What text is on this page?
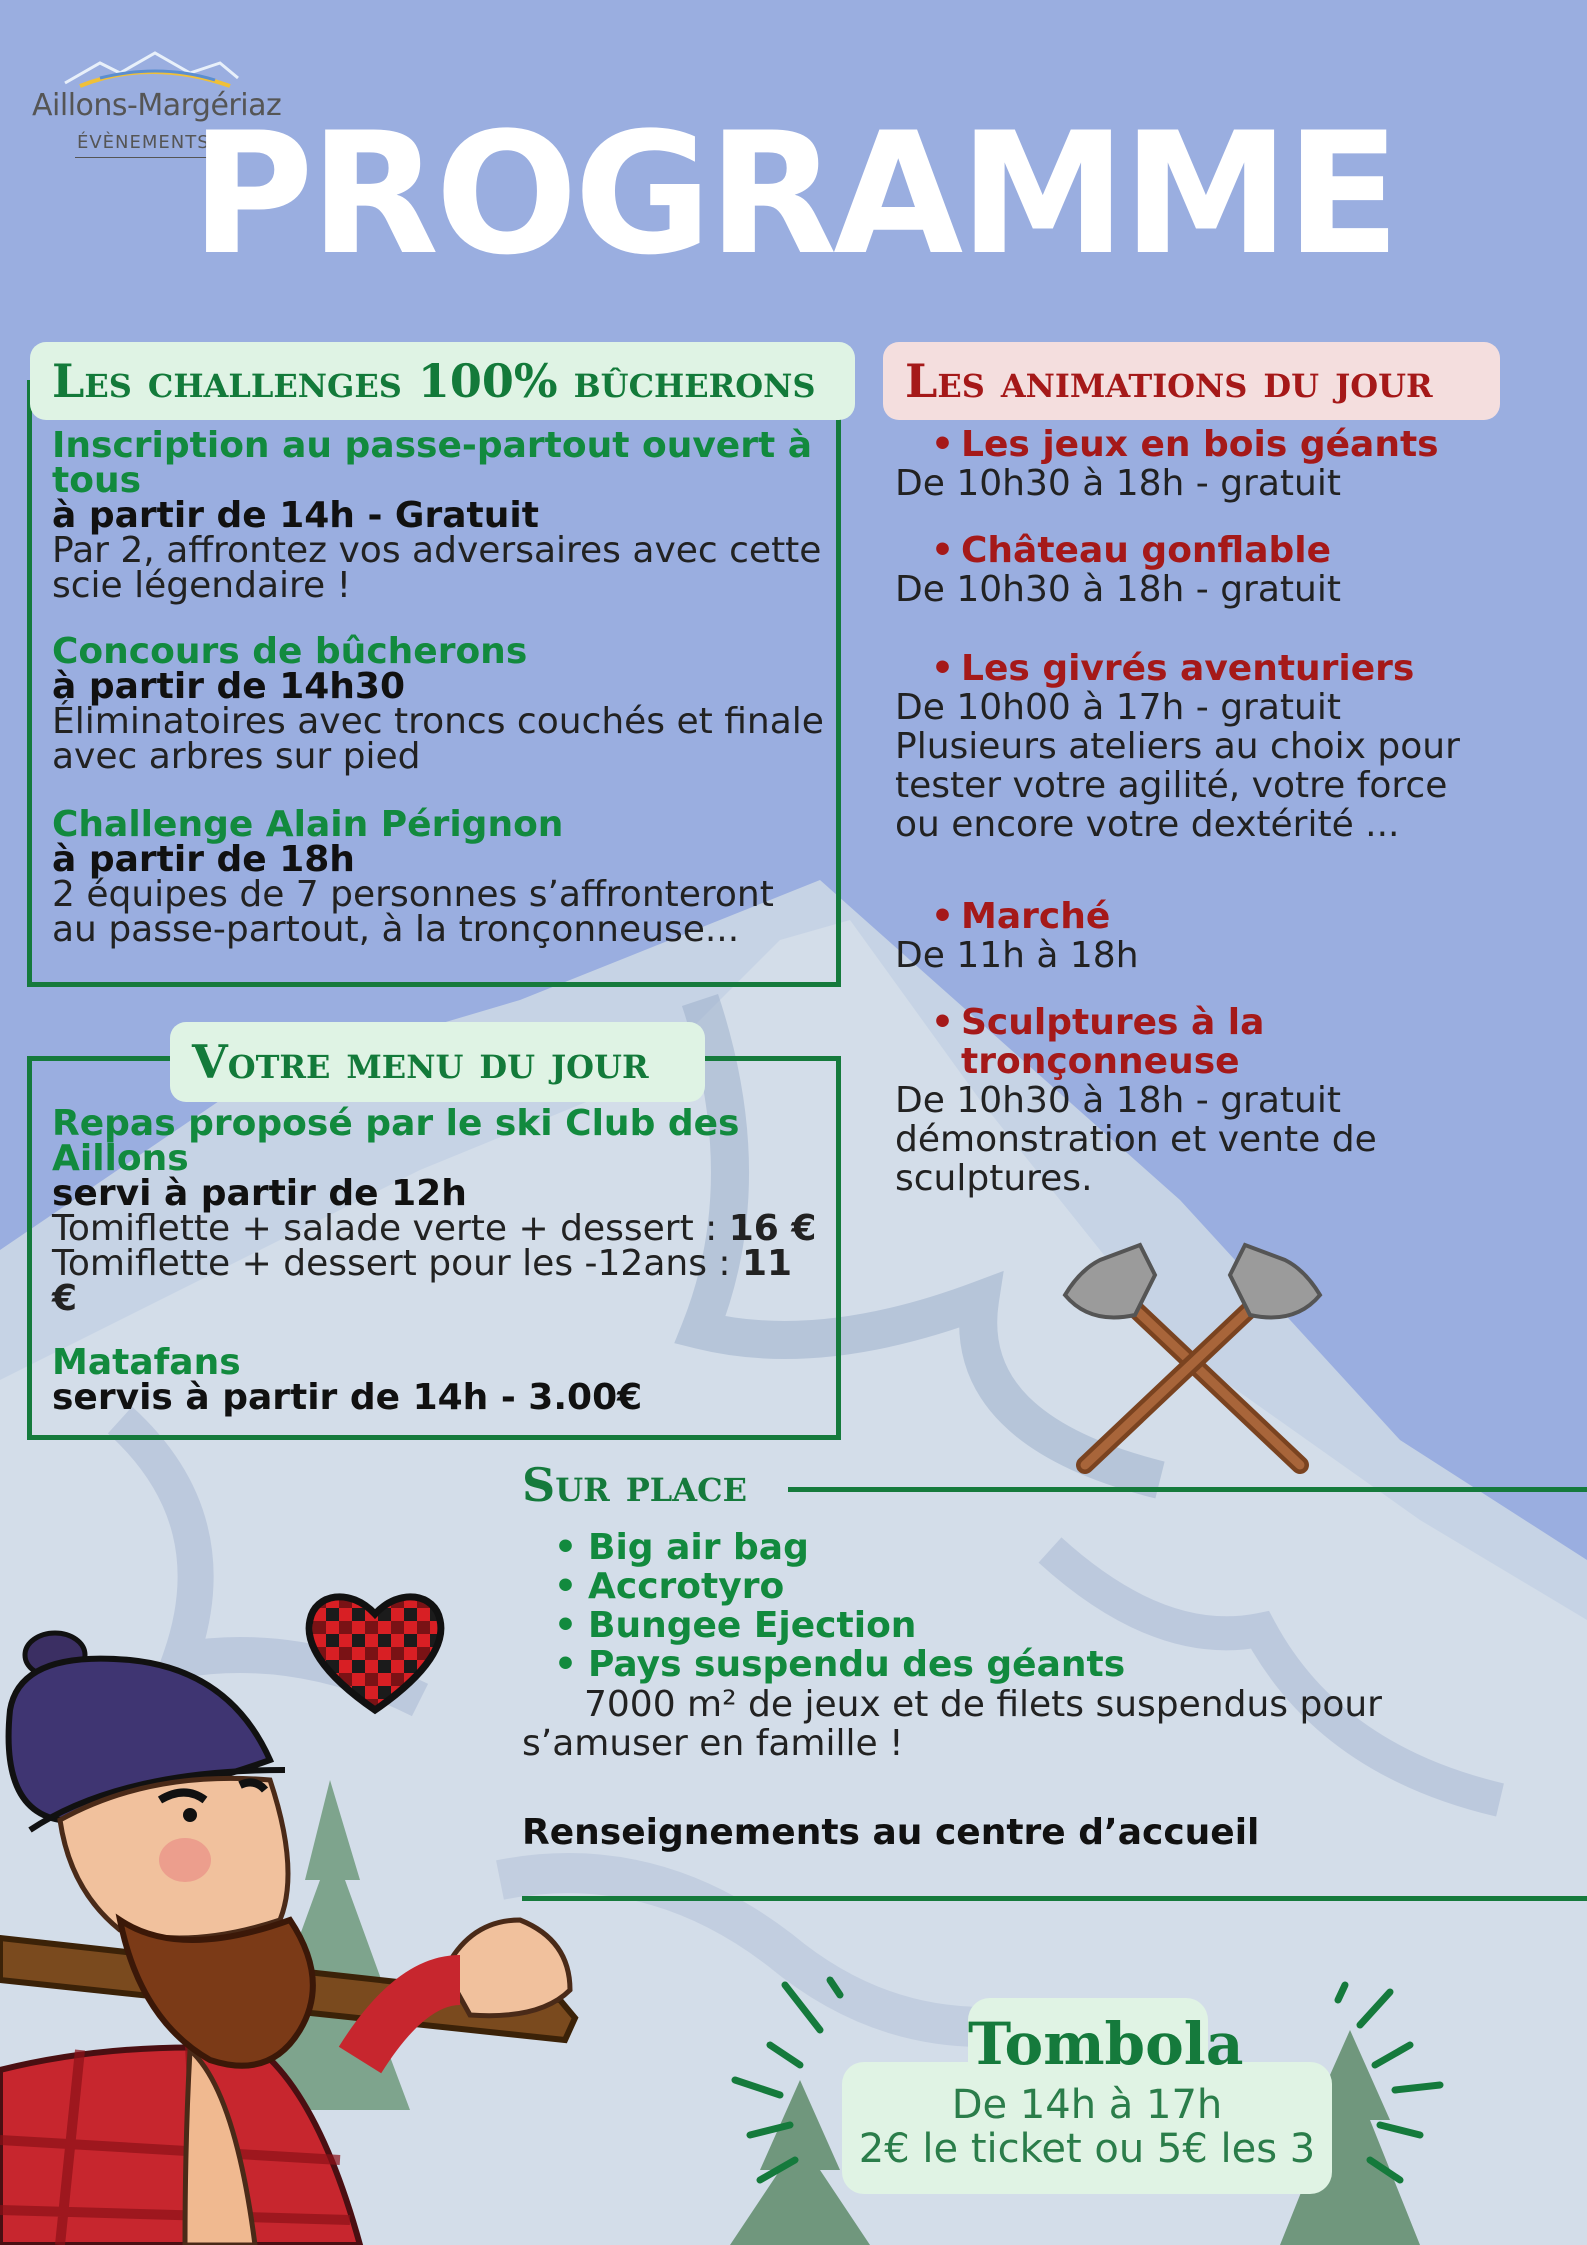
Aillons-Margériaz
ÉVÈNEMENTS
PROGRAMME
Les challenges 100% bûcherons
Inscription au passe-partout ouvert à tous
à partir de 14h - Gratuit
Par 2, affrontez vos adversaires avec cette scie légendaire !
Concours de bûcherons
à partir de 14h30
Éliminatoires avec troncs couchés et finale avec arbres sur pied
Challenge Alain Pérignon
à partir de 18h
2 équipes de 7 personnes s’affronteront au passe-partout, à la tronçonneuse...
Votre menu du jour
Repas proposé par le ski Club des Aillons
servi à partir de 12h
Tomiflette + salade verte + dessert : 16 €
Tomiflette + dessert pour les -12ans : 11 €
Matafans
servis à partir de 14h - 3.00€
Les animations du jour
• Les jeux en bois géants
De 10h30 à 18h - gratuit
• Château gonflable
De 10h30 à 18h - gratuit
• Les givrés aventuriers
De 10h00 à 17h - gratuit Plusieurs ateliers au choix pour tester votre agilité, votre force ou encore votre dextérité ...
• Marché
De 11h à 18h
• Sculptures à la tronçonneuse
De 10h30 à 18h - gratuit démonstration et vente de sculptures.
Sur place
• Big air bag
• Accrotyro
• Bungee Ejection
• Pays suspendu des géants
7000 m² de jeux et de filets suspendus pour s’amuser en famille !
Renseignements au centre d’accueil
Tombola
De 14h à 17h
2€ le ticket ou 5€ les 3
